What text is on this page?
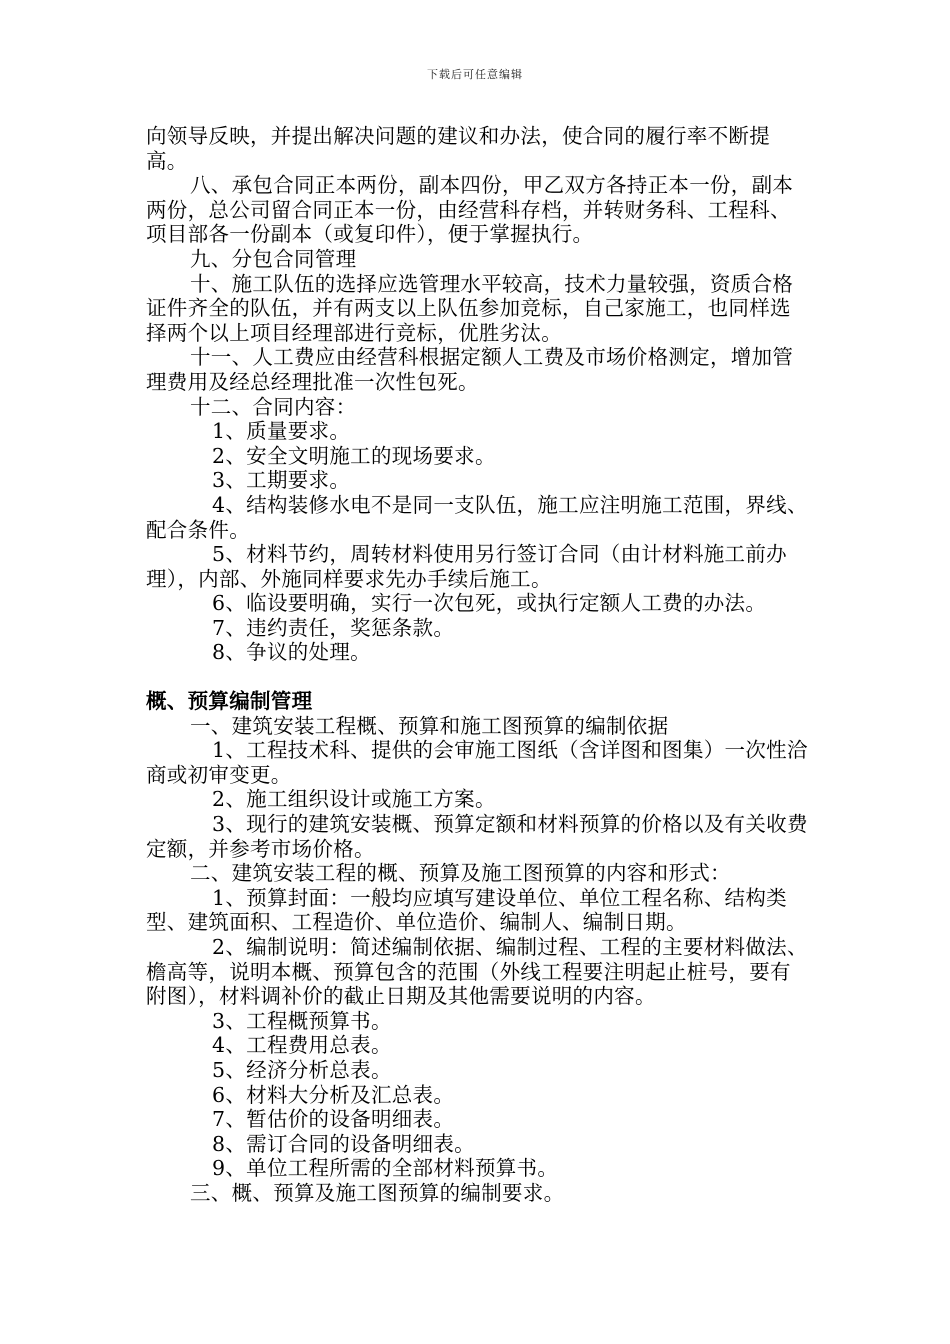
下载后可任意编辑

向领导反映，并提出解决问题的建议和办法，使合同的履行率不断提高。

八、承包合同正本两份，副本四份，甲乙双方各持正本一份，副本两份，总公司留合同正本一份，由经营科存档，并转财务科、工程科、项目部各一份副本（或复印件），便于掌握执行。

九、分包合同管理

十、施工队伍的选择应选管理水平较高，技术力量较强，资质合格证件齐全的队伍，并有两支以上队伍参加竞标，自己家施工，也同样选择两个以上项目经理部进行竞标，优胜劣汰。

十一、人工费应由经营科根据定额人工费及市场价格测定，增加管理费用及经总经理批准一次性包死。

十二、合同内容：

1、质量要求。

2、安全文明施工的现场要求。

3、工期要求。

4、结构装修水电不是同一支队伍，施工应注明施工范围，界线、配合条件。

5、材料节约，周转材料使用另行签订合同（由计材料施工前办理），内部、外施同样要求先办手续后施工。

6、临设要明确，实行一次包死，或执行定额人工费的办法。

7、违约责任，奖惩条款。

8、争议的处理。

概、预算编制管理

一、建筑安装工程概、预算和施工图预算的编制依据

1、工程技术科、提供的会审施工图纸（含详图和图集）一次性洽商或初审变更。

2、施工组织设计或施工方案。

3、现行的建筑安装概、预算定额和材料预算的价格以及有关收费定额，并参考市场价格。

二、建筑安装工程的概、预算及施工图预算的内容和形式：

1、预算封面：一般均应填写建设单位、单位工程名称、结构类型、建筑面积、工程造价、单位造价、编制人、编制日期。

2、编制说明：简述编制依据、编制过程、工程的主要材料做法、檐高等，说明本概、预算包含的范围（外线工程要注明起止桩号，要有附图），材料调补价的截止日期及其他需要说明的内容。

3、工程概预算书。

4、工程费用总表。

5、经济分析总表。

6、材料大分析及汇总表。

7、暂估价的设备明细表。

8、需订合同的设备明细表。

9、单位工程所需的全部材料预算书。

三、概、预算及施工图预算的编制要求。
